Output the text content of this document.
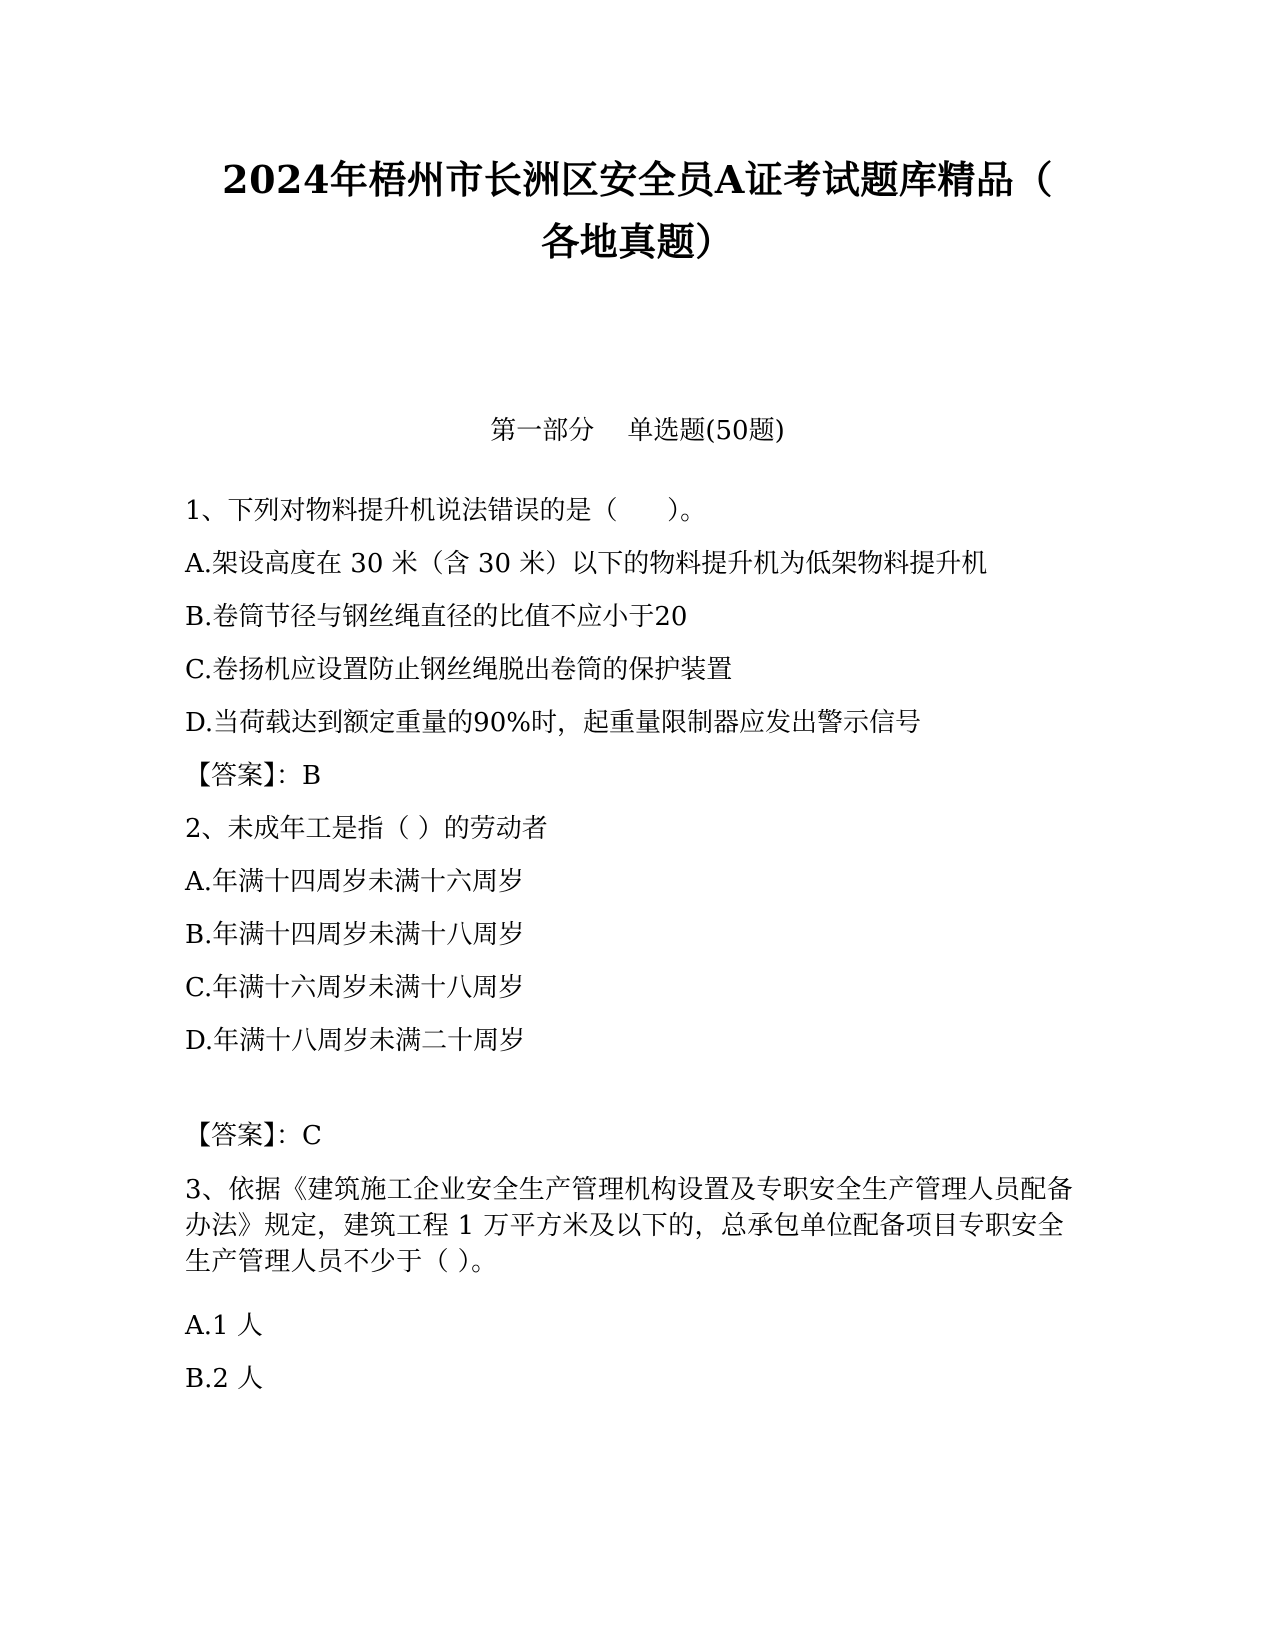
2024年梧州市长洲区安全员A证考试题库精品（
各地真题）
第一部分    单选题(50题)
1、下列对物料提升机说法错误的是（      ）。
A.架设高度在 30 米（含 30 米）以下的物料提升机为低架物料提升机
B.卷筒节径与钢丝绳直径的比值不应小于20
C.卷扬机应设置防止钢丝绳脱出卷筒的保护装置
D.当荷载达到额定重量的90%时，起重量限制器应发出警示信号
【答案】：B
2、未成年工是指（ ）的劳动者
A.年满十四周岁未满十六周岁
B.年满十四周岁未满十八周岁
C.年满十六周岁未满十八周岁
D.年满十八周岁未满二十周岁
【答案】：C
3、依据《建筑施工企业安全生产管理机构设置及专职安全生产管理人员配备办法》规定，建筑工程 1 万平方米及以下的，总承包单位配备项目专职安全生产管理人员不少于（ ）。
A.1 人
B.2 人
